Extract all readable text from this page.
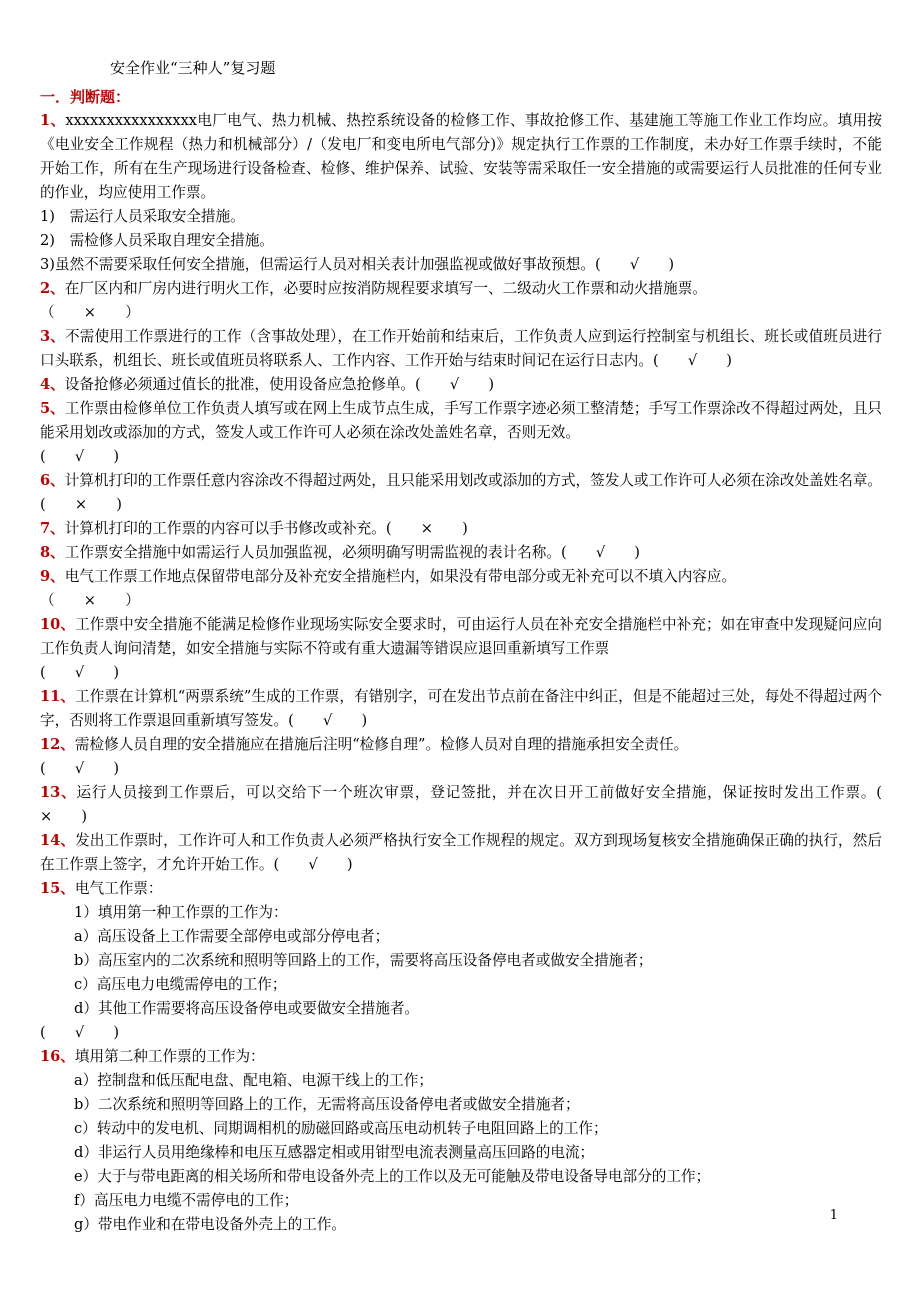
安全作业“三种人”复习题
一．判断题：

1、xxxxxxxxxxxxxxxx电厂电气、热力机械、热控系统设备的检修工作、事故抢修工作、基建施工等施工作业工作均应。填用按《电业安全工作规程（热力和机械部分）/（发电厂和变电所电气部分)》规定执行工作票的工作制度，未办好工作票手续时，不能开始工作，所有在生产现场进行设备检查、检修、维护保养、试验、安装等需采取任一安全措施的或需要运行人员批准的任何专业的作业，均应使用工作票。

1)　需运行人员采取安全措施。

2)　需检修人员采取自理安全措施。

3)虽然不需要采取任何安全措施，但需运行人员对相关表计加强监视或做好事故预想。(　　√　　)

2、在厂区内和厂房内进行明火工作，必要时应按消防规程要求填写一、二级动火工作票和动火措施票。

（　　×　　）

3、不需使用工作票进行的工作（含事故处理），在工作开始前和结束后，工作负责人应到运行控制室与机组长、班长或值班员进行口头联系，机组长、班长或值班员将联系人、工作内容、工作开始与结束时间记在运行日志内。(　　√　　)

4、设备抢修必须通过值长的批准，使用设备应急抢修单。(　　√　　)

5、工作票由检修单位工作负责人填写或在网上生成节点生成，手写工作票字迹必须工整清楚；手写工作票涂改不得超过两处，且只能采用划改或添加的方式，签发人或工作许可人必须在涂改处盖姓名章，否则无效。

(　　√　　)

6、计算机打印的工作票任意内容涂改不得超过两处，且只能采用划改或添加的方式，签发人或工作许可人必须在涂改处盖姓名章。(　　×　　)

7、计算机打印的工作票的内容可以手书修改或补充。(　　×　　)

8、工作票安全措施中如需运行人员加强监视，必须明确写明需监视的表计名称。(　　√　　)

9、电气工作票工作地点保留带电部分及补充安全措施栏内，如果没有带电部分或无补充可以不填入内容应。

（　　×　　）

10、工作票中安全措施不能满足检修作业现场实际安全要求时，可由运行人员在补充安全措施栏中补充；如在审查中发现疑问应向工作负责人询问清楚，如安全措施与实际不符或有重大遗漏等错误应退回重新填写工作票

(　　√　　)

11、工作票在计算机“两票系统”生成的工作票，有错别字，可在发出节点前在备注中纠正，但是不能超过三处，每处不得超过两个字，否则将工作票退回重新填写签发。(　　√　　)

12、需检修人员自理的安全措施应在措施后注明“检修自理”。检修人员对自理的措施承担安全责任。

(　　√　　)

13、运行人员接到工作票后，可以交给下一个班次审票，登记签批，并在次日开工前做好安全措施，保证按时发出工作票。(　　×　　)

14、发出工作票时，工作许可人和工作负责人必须严格执行安全工作规程的规定。双方到现场复核安全措施确保正确的执行，然后在工作票上签字，才允许开始工作。(　　√　　)

15、电气工作票：

1）填用第一种工作票的工作为：

a）高压设备上工作需要全部停电或部分停电者；

b）高压室内的二次系统和照明等回路上的工作，需要将高压设备停电者或做安全措施者；

c）高压电力电缆需停电的工作；

d）其他工作需要将高压设备停电或要做安全措施者。

(　　√　　)

16、填用第二种工作票的工作为：

a）控制盘和低压配电盘、配电箱、电源干线上的工作；

b）二次系统和照明等回路上的工作，无需将高压设备停电者或做安全措施者；

c）转动中的发电机、同期调相机的励磁回路或高压电动机转子电阻回路上的工作；

d）非运行人员用绝缘棒和电压互感器定相或用钳型电流表测量高压回路的电流；

e）大于与带电距离的相关场所和带电设备外壳上的工作以及无可能触及带电设备导电部分的工作；

f）高压电力电缆不需停电的工作；

g）带电作业和在带电设备外壳上的工作。

1
